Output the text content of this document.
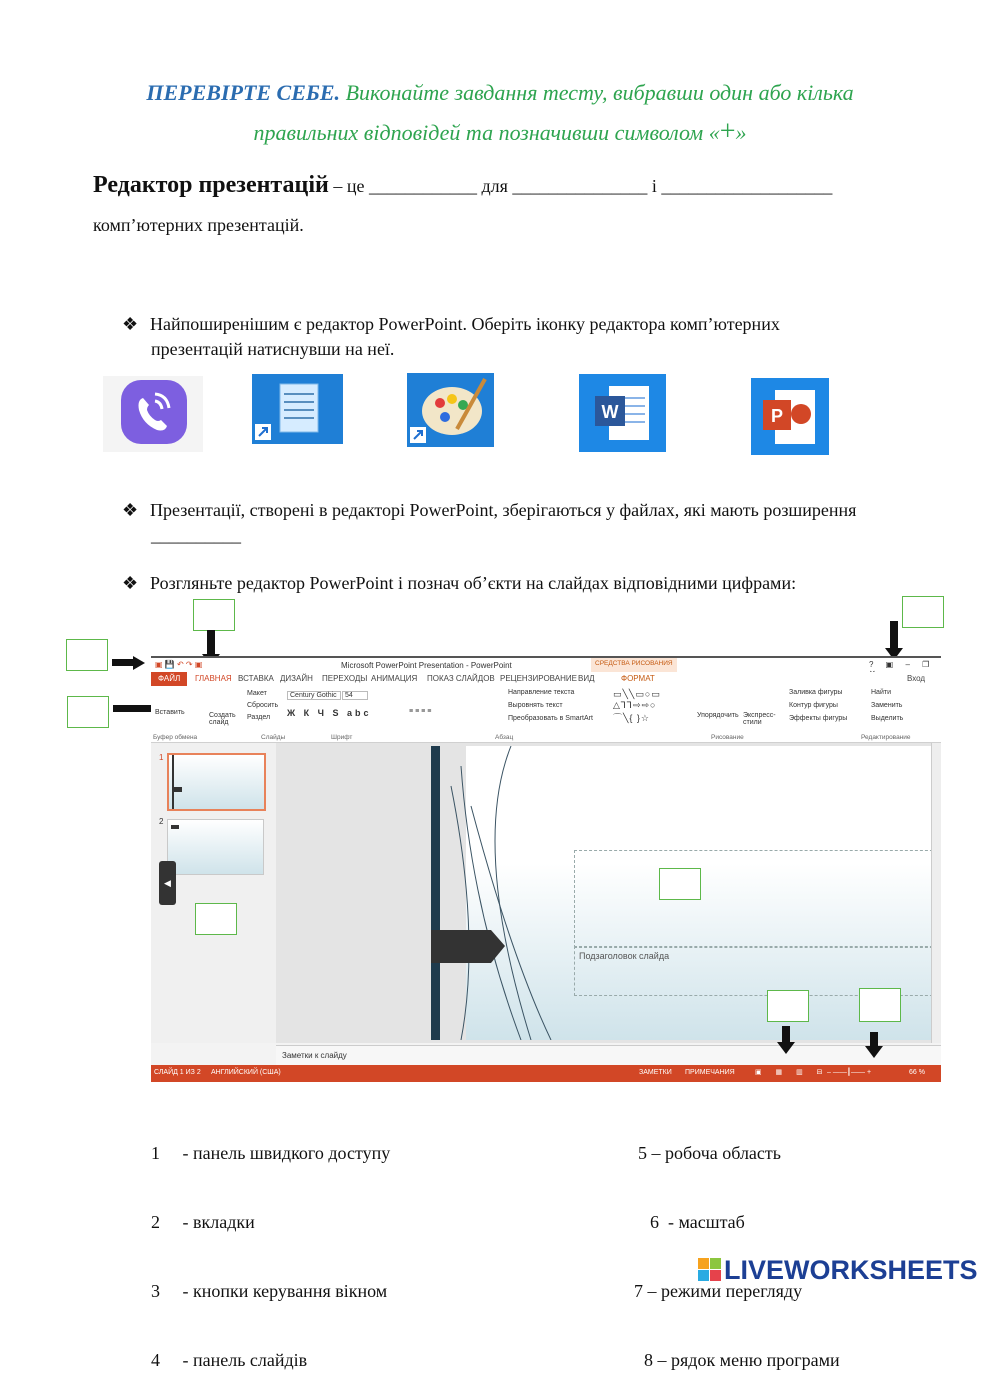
ПЕРЕВІРТЕ СЕБЕ. Виконайте завдання тесту, вибравши один або кілька
правильних відповідей та позначивши символом «+»
Редактор презентацій – це ____________ для _______________ і ___________________
комп’ютерних презентацій.
❖ Найпоширенішим є редактор PowerPoint. Оберіть іконку редактора комп’ютерних
презентацій натиснувши на неї.
W	P
❖ Презентації, створені в редакторі PowerPoint, зберігаються у файлах, які мають розширення
__________
❖ Розгляньте редактор PowerPoint і познач об’єкти на слайдах відповідними цифрами:
▣ 💾 ↶ ↷ ▣	Microsoft PowerPoint Presentation - PowerPoint	СРЕДСТВА РИСОВАНИЯ	? ▣ – ❐
ФАЙЛ ГЛАВНАЯ ВСТАВКА ДИЗАЙН ПЕРЕХОДЫ АНИМАЦИЯ ПОКАЗ СЛАЙДОВ РЕЦЕНЗИРОВАНИЕ ВИД	ФОРМАТ	Вход
Вставить	Создать слайд
Макет
Сбросить
Раздел
Century Gothic	54
Ж К Ч S abc	≡≡≡≡
Направление текста
Выровнять текст
Преобразовать в SmartArt
▭╲╲▭○▭
△⅂⅂⇨⇨○
⌒╲{ }☆	Упорядочить Экспресс-стили
Заливка фигуры
Контур фигуры
Эффекты фигуры
Найти
Заменить
Выделить
Буфер обмена	Слайды	Шрифт	Абзац	Рисование	Редактирование
1
2
◀
Подзаголовок слайда
Заметки к слайду
СЛАЙД 1 ИЗ 2 АНГЛИЙСКИЙ (США)	ЗАМЕТКИ ПРИМЕЧАНИЯ	▣ ▦ ▥ ⊟
– ——┃—— +	66 %

1     - панель швидкого доступу

2     - вкладки

3     - кнопки керування вікном

4     - панель слайдів

5 – робоча область

6  - масштаб

7 – режими перегляду

8 – рядок меню програми

LIVEWORKSHEETS
